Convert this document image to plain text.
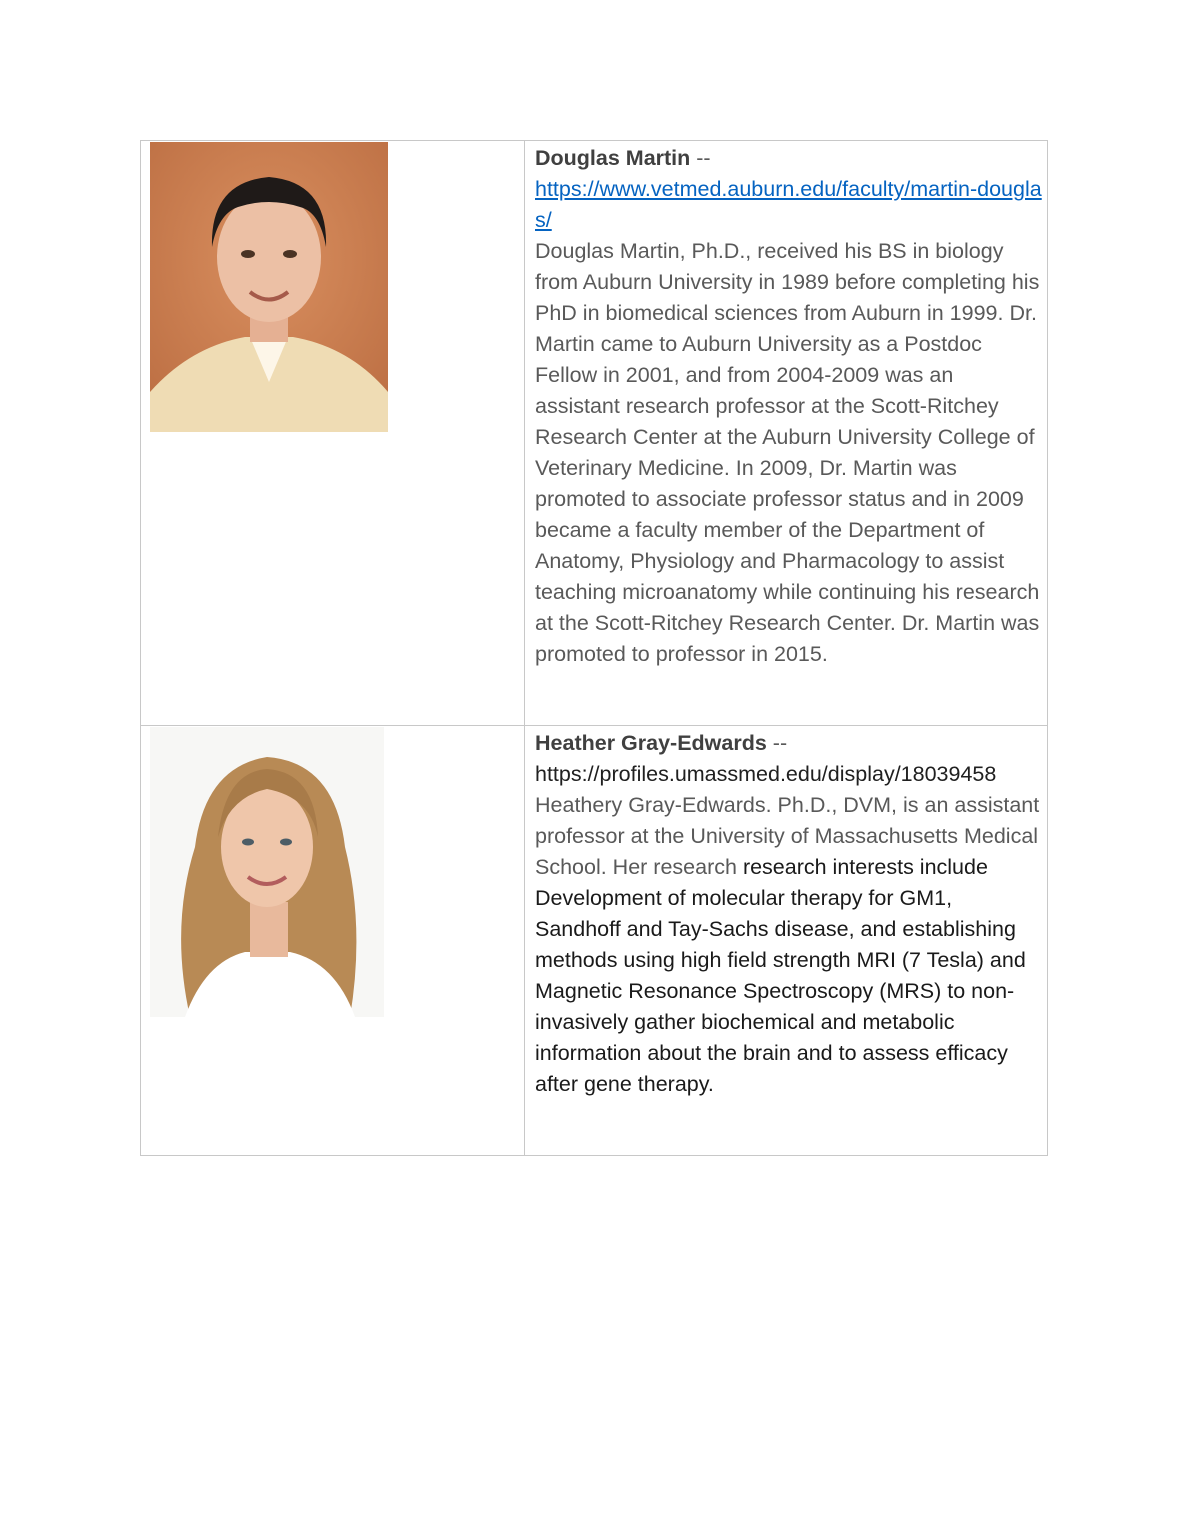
Douglas Martin --

https://www.vetmed.auburn.edu/faculty/martin-douglas/

Douglas Martin, Ph.D., received his BS in biology from Auburn University in 1989 before completing his PhD in biomedical sciences from Auburn in 1999. Dr. Martin came to Auburn University as a Postdoc Fellow in 2001, and from 2004-2009 was an assistant research professor at the Scott-Ritchey Research Center at the Auburn University College of Veterinary Medicine. In 2009, Dr. Martin was promoted to associate professor status and in 2009 became a faculty member of the Department of Anatomy, Physiology and Pharmacology to assist teaching microanatomy while continuing his research at the Scott-Ritchey Research Center. Dr. Martin was promoted to professor in 2015.

Heather Gray-Edwards --

https://profiles.umassmed.edu/display/18039458

Heathery Gray-Edwards. Ph.D., DVM, is an assistant professor at the University of Massachusetts Medical School. Her research research interests include Development of molecular therapy for GM1, Sandhoff and Tay-Sachs disease, and establishing methods using high field strength MRI (7 Tesla) and Magnetic Resonance Spectroscopy (MRS) to non-invasively gather biochemical and metabolic information about the brain and to assess efficacy after gene therapy.
